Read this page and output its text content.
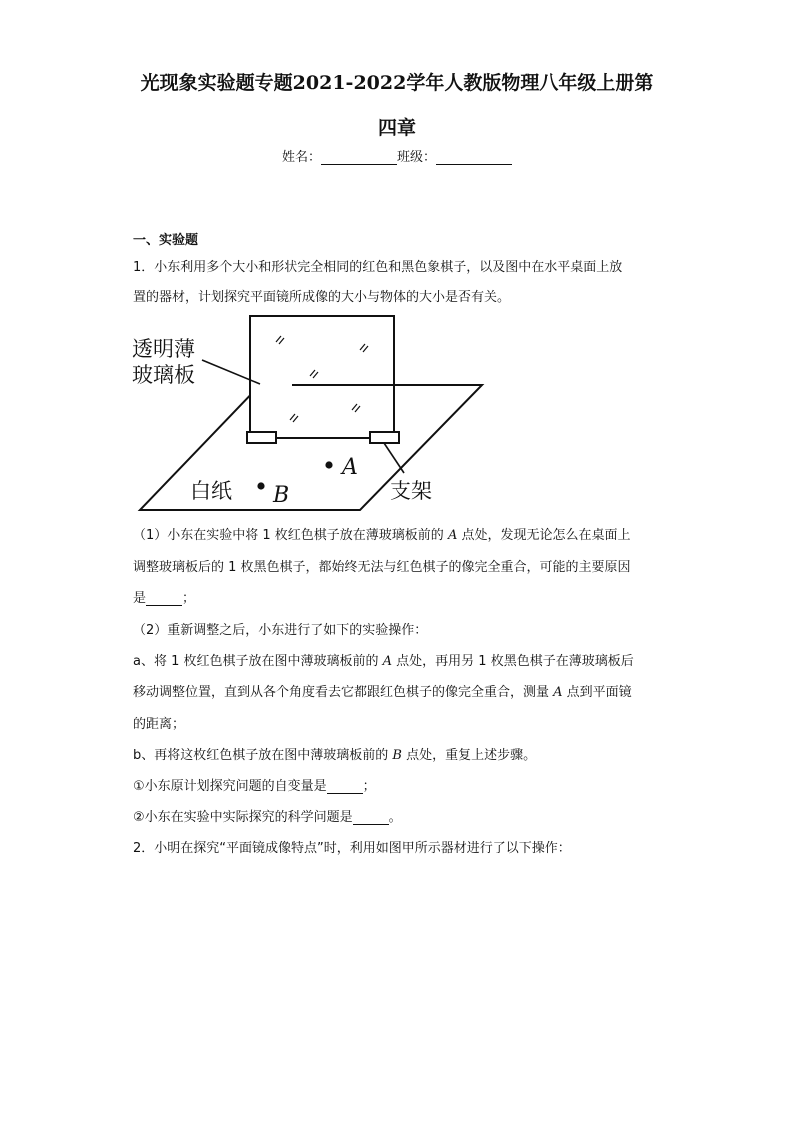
光现象实验题专题2021-2022学年人教版物理八年级上册第
四章
姓名：	班级：
一、实验题
1．小东利用多个大小和形状完全相同的红色和黑色象棋子，以及图中在水平桌面上放
置的器材，计划探究平面镜所成像的大小与物体的大小是否有关。
透明薄
玻璃板
白纸	支架
A
B
（1）小东在实验中将 1 枚红色棋子放在薄玻璃板前的 A 点处，发现无论怎么在桌面上
调整玻璃板后的 1 枚黑色棋子，都始终无法与红色棋子的像完全重合，可能的主要原因
是	；
（2）重新调整之后，小东进行了如下的实验操作：
a、将 1 枚红色棋子放在图中薄玻璃板前的 A 点处，再用另 1 枚黑色棋子在薄玻璃板后
移动调整位置，直到从各个角度看去它都跟红色棋子的像完全重合，测量 A 点到平面镜
的距离；
b、再将这枚红色棋子放在图中薄玻璃板前的 B 点处，重复上述步骤。
①小东原计划探究问题的自变量是	；
②小东在实验中实际探究的科学问题是	。
2．小明在探究“平面镜成像特点”时，利用如图甲所示器材进行了以下操作：
